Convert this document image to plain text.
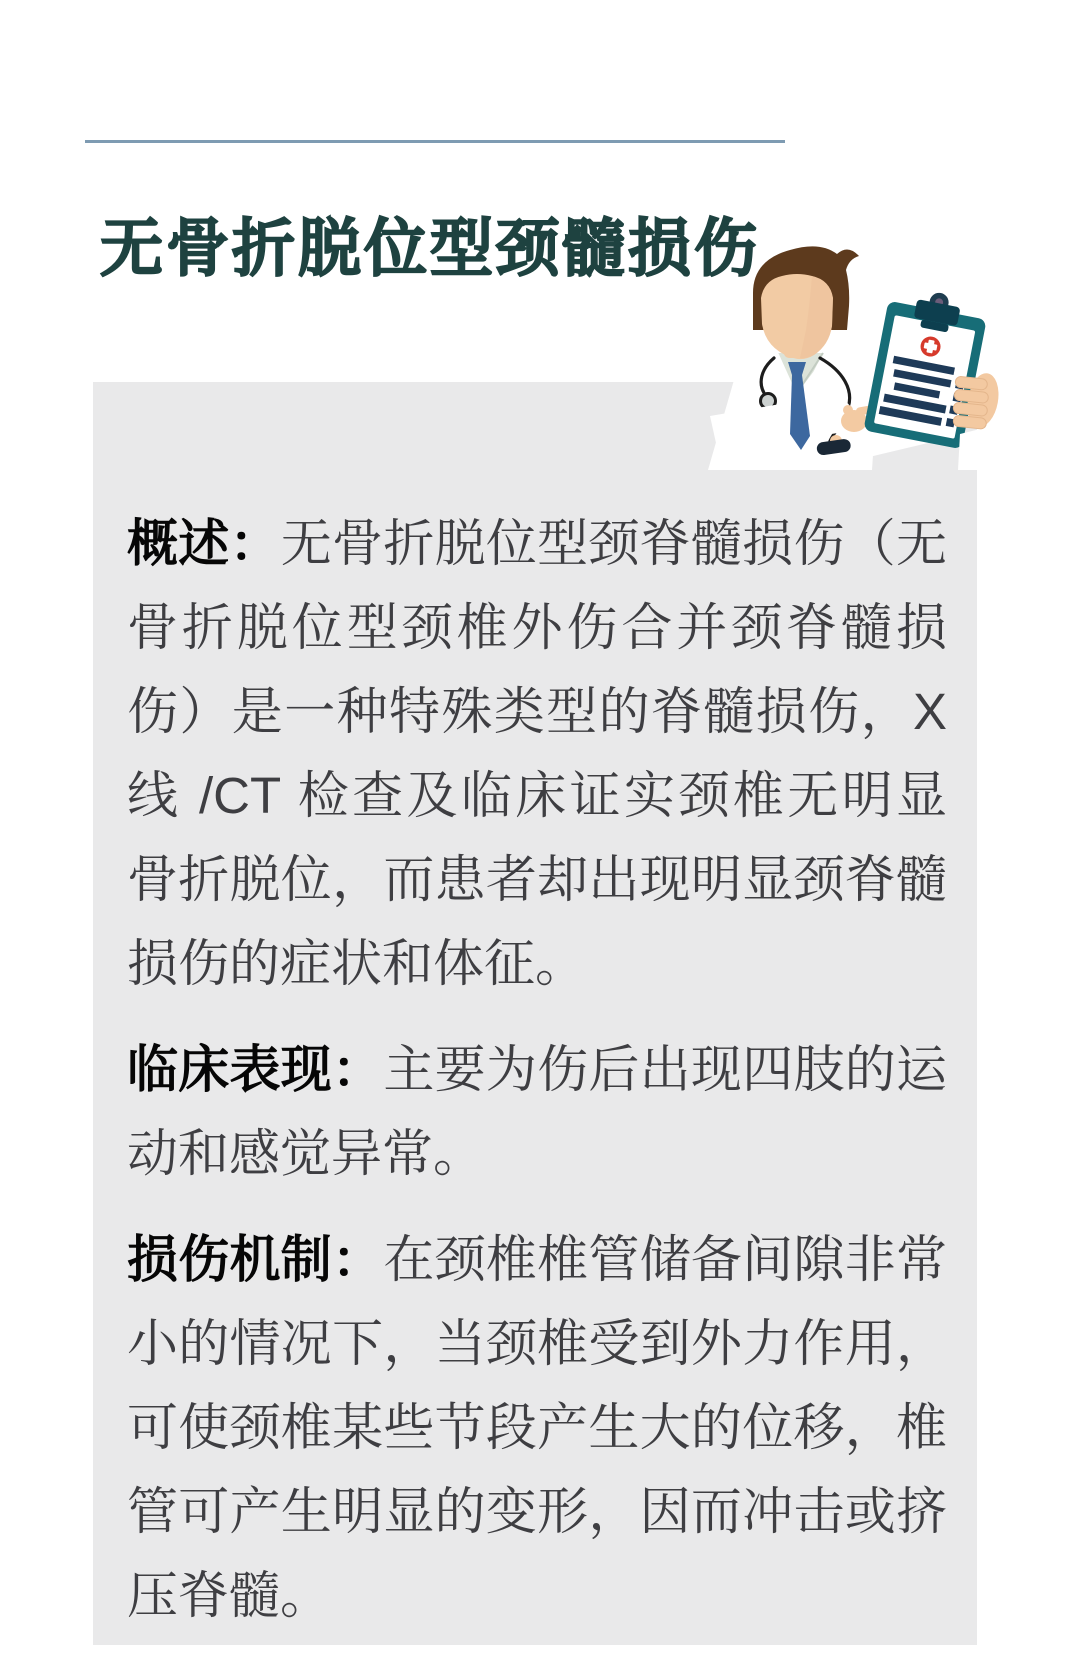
无骨折脱位型颈髓损伤

概述：无骨折脱位型颈脊髓损伤（无骨折脱位型颈椎外伤合并颈脊髓损伤）是一种特殊类型的脊髓损伤，X 线 /CT 检查及临床证实颈椎无明显骨折脱位，而患者却出现明显颈脊髓损伤的症状和体征。

临床表现：主要为伤后出现四肢的运动和感觉异常。

损伤机制：在颈椎椎管储备间隙非常小的情况下，当颈椎受到外力作用，可使颈椎某些节段产生大的位移，椎管可产生明显的变形，因而冲击或挤压脊髓。
